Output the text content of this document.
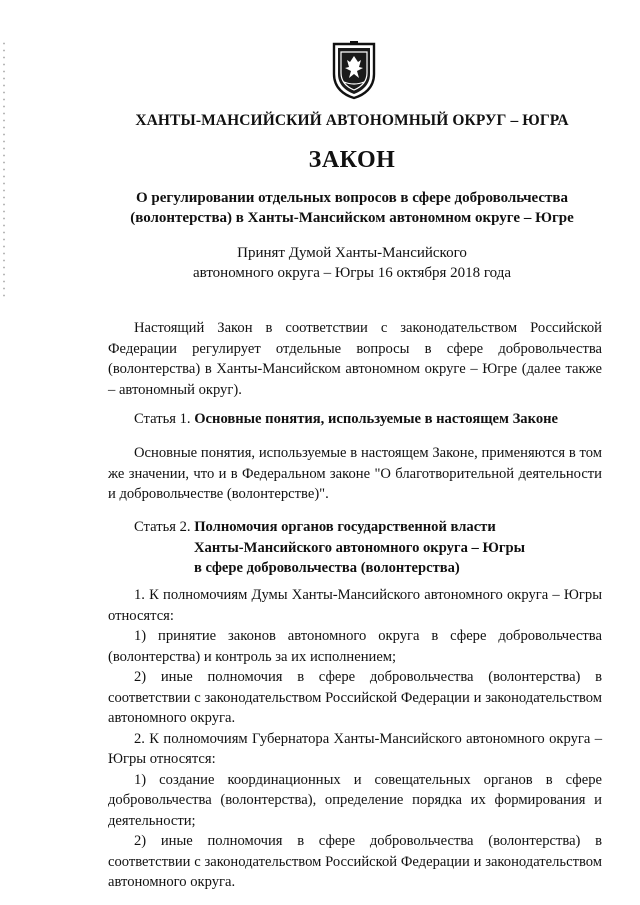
ХАНТЫ-МАНСИЙСКИЙ АВТОНОМНЫЙ ОКРУГ – ЮГРА
ЗАКОН
О регулировании отдельных вопросов в сфере добровольчества
(волонтерства) в Ханты-Мансийском автономном округе – Югре
Принят Думой Ханты-Мансийского
автономного округа – Югры 16 октября 2018 года

Настоящий Закон в соответствии с законодательством Российской Федерации регулирует отдельные вопросы в сфере добровольчества (волонтерства) в Ханты-Мансийском автономном округе – Югре (далее также – автономный округ).

Статья 1. Основные понятия, используемые в настоящем Законе

Основные понятия, используемые в настоящем Законе, применяются в том же значении, что и в Федеральном законе "О благотворительной деятельности и добровольчестве (волонтерстве)".

Статья 2. Полномочия органов государственной власти
Ханты-Мансийского автономного округа – Югры
в сфере добровольчества (волонтерства)

1. К полномочиям Думы Ханты-Мансийского автономного округа – Югры относятся:

1) принятие законов автономного округа в сфере добровольчества (волонтерства) и контроль за их исполнением;

2) иные полномочия в сфере добровольчества (волонтерства) в соответствии с законодательством Российской Федерации и законодательством автономного округа.

2. К полномочиям Губернатора Ханты-Мансийского автономного округа – Югры относятся:

1) создание координационных и совещательных органов в сфере добровольчества (волонтерства), определение порядка их формирования и деятельности;

2) иные полномочия в сфере добровольчества (волонтерства) в соответствии с законодательством Российской Федерации и законодательством автономного округа.
